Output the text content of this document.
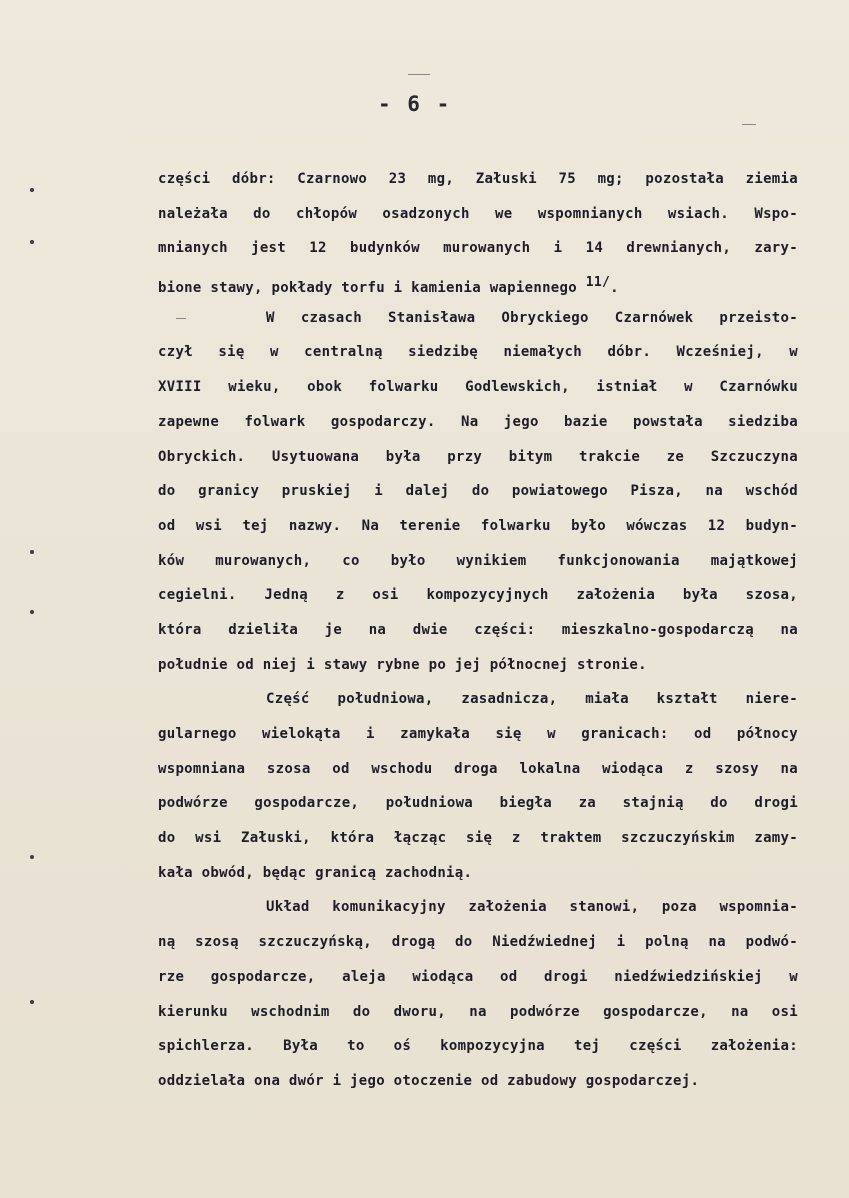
- 6 -
części dóbr: Czarnowo 23 mg, Załuski 75 mg; pozostała ziemia
należała do chłopów osadzonych we wspomnianych wsiach. Wspo-
mnianych jest 12 budynków murowanych i 14 drewnianych, zary-
bione stawy, pokłady torfu i kamienia wapiennego $^{11/}$.
W czasach Stanisława Obryckiego Czarnówek przeisto-
czył się w centralną siedzibę niemałych dóbr. Wcześniej, w
XVIII wieku, obok folwarku Godlewskich, istniał w Czarnówku
zapewne folwark gospodarczy. Na jego bazie powstała siedziba
Obryckich. Usytuowana była przy bitym trakcie ze Szczuczyna
do granicy pruskiej i dalej do powiatowego Pisza, na wschód
od wsi tej nazwy. Na terenie folwarku było wówczas 12 budyn-
ków murowanych, co było wynikiem funkcjonowania majątkowej
cegielni. Jedną z osi kompozycyjnych założenia była szosa,
która dzieliła je na dwie części: mieszkalno-gospodarczą na
południe od niej i stawy rybne po jej północnej stronie.
Część południowa, zasadnicza, miała kształt niere-
gularnego wielokąta i zamykała się w granicach: od północy
wspomniana szosa od wschodu droga lokalna wiodąca z szosy na
podwórze gospodarcze, południowa biegła za stajnią do drogi
do wsi Załuski, która łącząc się z traktem szczuczyńskim zamy-
kała obwód, będąc granicą zachodnią.
Układ komunikacyjny założenia stanowi, poza wspomnia-
ną szosą szczuczyńską, drogą do Niedźwiednej i polną na podwó-
rze gospodarcze, aleja wiodąca od drogi niedźwiedzińskiej w
kierunku wschodnim do dworu, na podwórze gospodarcze, na osi
spichlerza. Była to oś kompozycyjna tej części założenia:
oddzielała ona dwór i jego otoczenie od zabudowy gospodarczej.
